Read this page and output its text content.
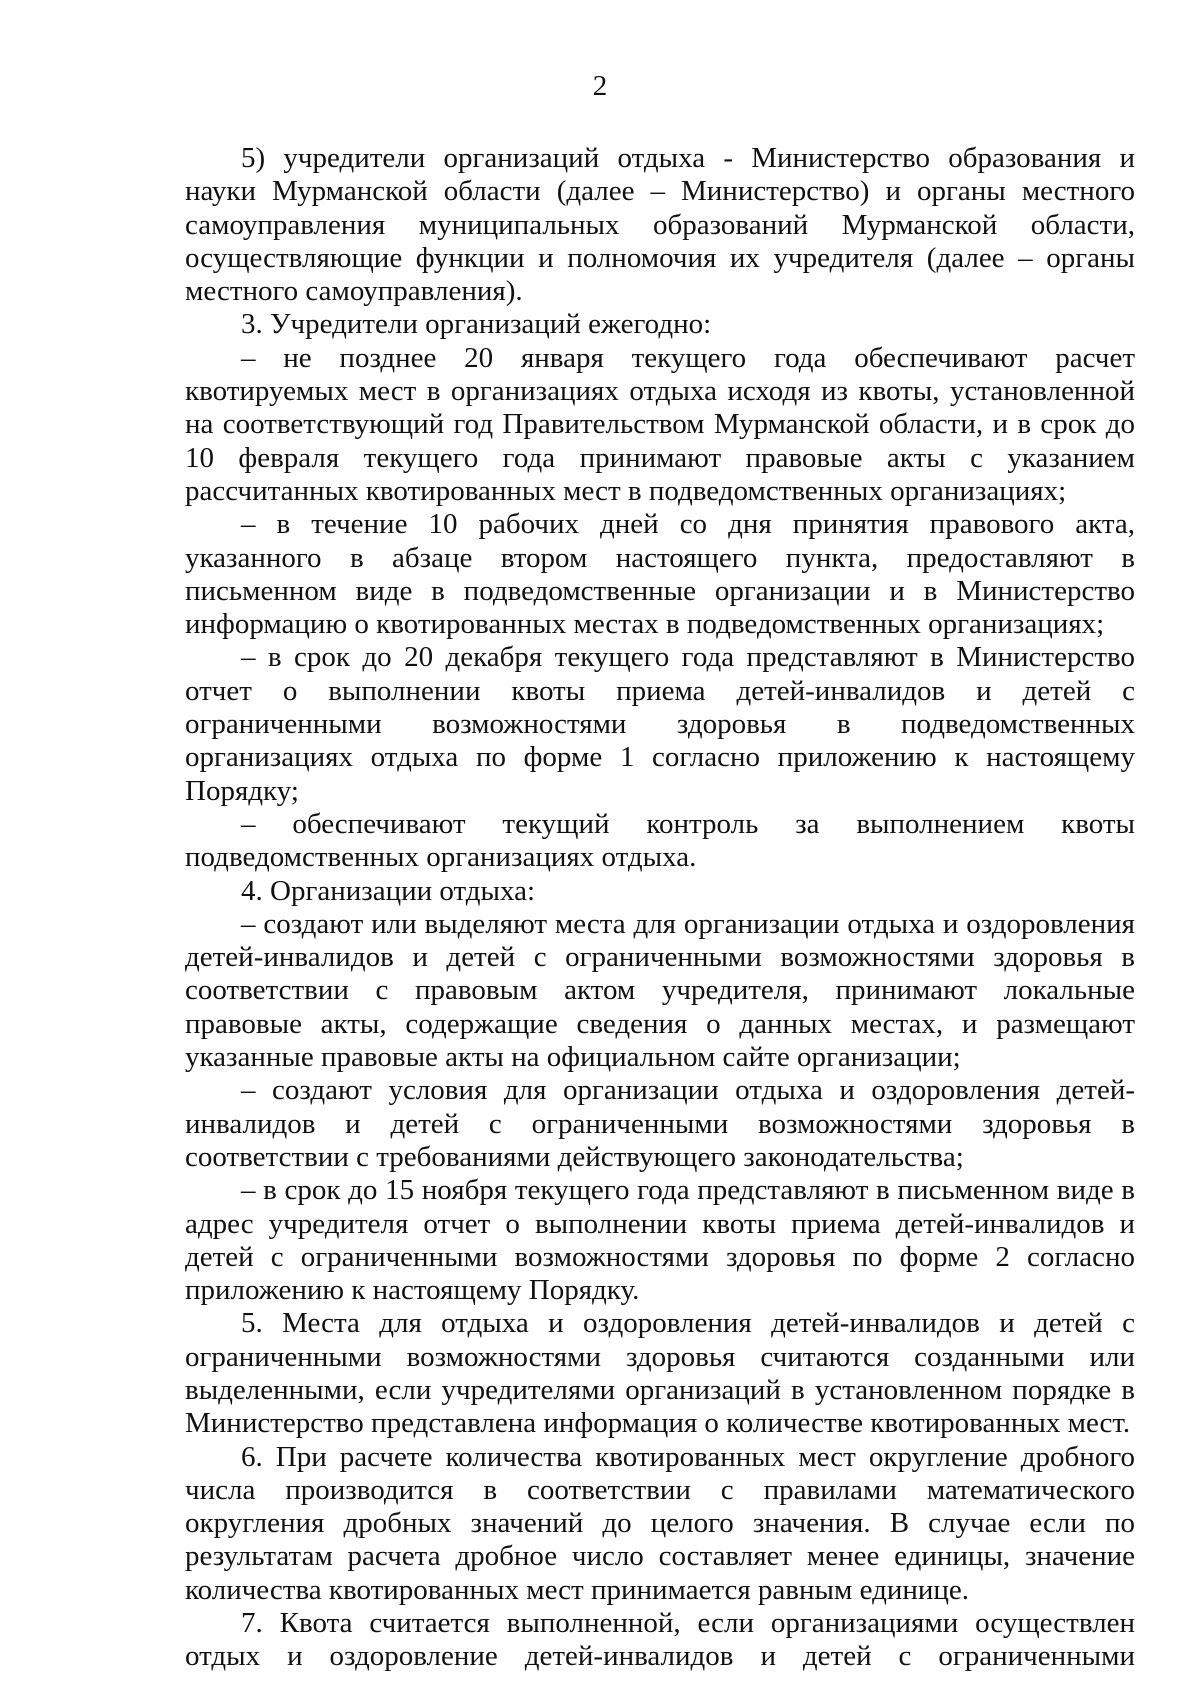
2

5) учредители организаций отдыха - Министерство образования и науки Мурманской области (далее – Министерство) и органы местного самоуправления муниципальных образований Мурманской области, осуществляющие функции и полномочия их учредителя (далее – органы местного самоуправления).

3. Учредители организаций ежегодно:

– не позднее 20 января текущего года обеспечивают расчет квотируемых мест в организациях отдыха исходя из квоты, установленной на соответствующий год Правительством Мурманской области, и в срок до 10 февраля текущего года принимают правовые акты с указанием рассчитанных квотированных мест в подведомственных организациях;

– в течение 10 рабочих дней со дня принятия правового акта, указанного в абзаце втором настоящего пункта, предоставляют в письменном виде в подведомственные организации и в Министерство информацию о квотированных местах в подведомственных организациях;

– в срок до 20 декабря текущего года представляют в Министерство отчет о выполнении квоты приема детей-инвалидов и детей с ограниченными возможностями здоровья в подведомственных организациях отдыха по форме 1 согласно приложению к настоящему Порядку;

– обеспечивают текущий контроль за выполнением квоты подведомственных организациях отдыха.

4. Организации отдыха:

– создают или выделяют места для организации отдыха и оздоровления детей-инвалидов и детей с ограниченными возможностями здоровья в соответствии с правовым актом учредителя, принимают локальные правовые акты, содержащие сведения о данных местах, и размещают указанные правовые акты на официальном сайте организации;

– создают условия для организации отдыха и оздоровления детей-инвалидов и детей с ограниченными возможностями здоровья в соответствии с требованиями действующего законодательства;

– в срок до 15 ноября текущего года представляют в письменном виде в адрес учредителя отчет о выполнении квоты приема детей-инвалидов и детей с ограниченными возможностями здоровья по форме 2 согласно приложению к настоящему Порядку.

5. Места для отдыха и оздоровления детей-инвалидов и детей с ограниченными возможностями здоровья считаются созданными или выделенными, если учредителями организаций в установленном порядке в Министерство представлена информация о количестве квотированных мест.

6. При расчете количества квотированных мест округление дробного числа производится в соответствии с правилами математического округления дробных значений до целого значения. В случае если по результатам расчета дробное число составляет менее единицы, значение количества квотированных мест принимается равным единице.

7. Квота считается выполненной, если организациями осуществлен отдых и оздоровление детей-инвалидов и детей с ограниченными
